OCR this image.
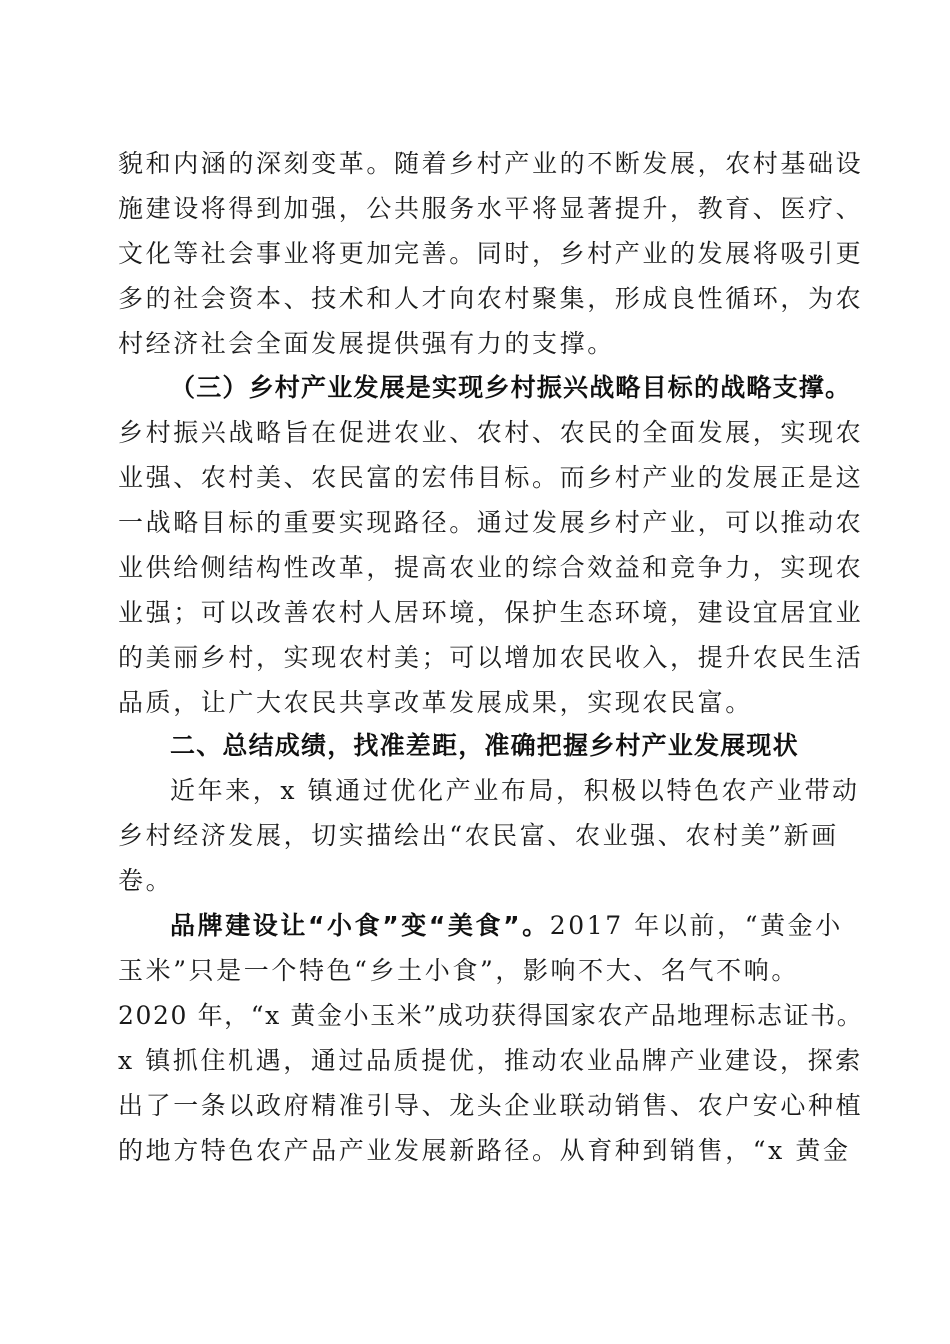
貌和内涵的深刻变革。随着乡村产业的不断发展，农村基础设
施建设将得到加强，公共服务水平将显著提升，教育、医疗、
文化等社会事业将更加完善。同时，乡村产业的发展将吸引更
多的社会资本、技术和人才向农村聚集，形成良性循环，为农
村经济社会全面发展提供强有力的支撑。
（三）乡村产业发展是实现乡村振兴战略目标的战略支撑。
乡村振兴战略旨在促进农业、农村、农民的全面发展，实现农
业强、农村美、农民富的宏伟目标。而乡村产业的发展正是这
一战略目标的重要实现路径。通过发展乡村产业，可以推动农
业供给侧结构性改革，提高农业的综合效益和竞争力，实现农
业强；可以改善农村人居环境，保护生态环境，建设宜居宜业
的美丽乡村，实现农村美；可以增加农民收入，提升农民生活
品质，让广大农民共享改革发展成果，实现农民富。
二、总结成绩，找准差距，准确把握乡村产业发展现状
近年来，x 镇通过优化产业布局，积极以特色农产业带动
乡村经济发展，切实描绘出“农民富、农业强、农村美”新画
卷。
品牌建设让“小食”变“美食”。2017 年以前，“黄金小
玉米”只是一个特色“乡土小食”，影响不大、名气不响。
2020 年，“x 黄金小玉米”成功获得国家农产品地理标志证书。
x 镇抓住机遇，通过品质提优，推动农业品牌产业建设，探索
出了一条以政府精准引导、龙头企业联动销售、农户安心种植
的地方特色农产品产业发展新路径。从育种到销售，“x 黄金
